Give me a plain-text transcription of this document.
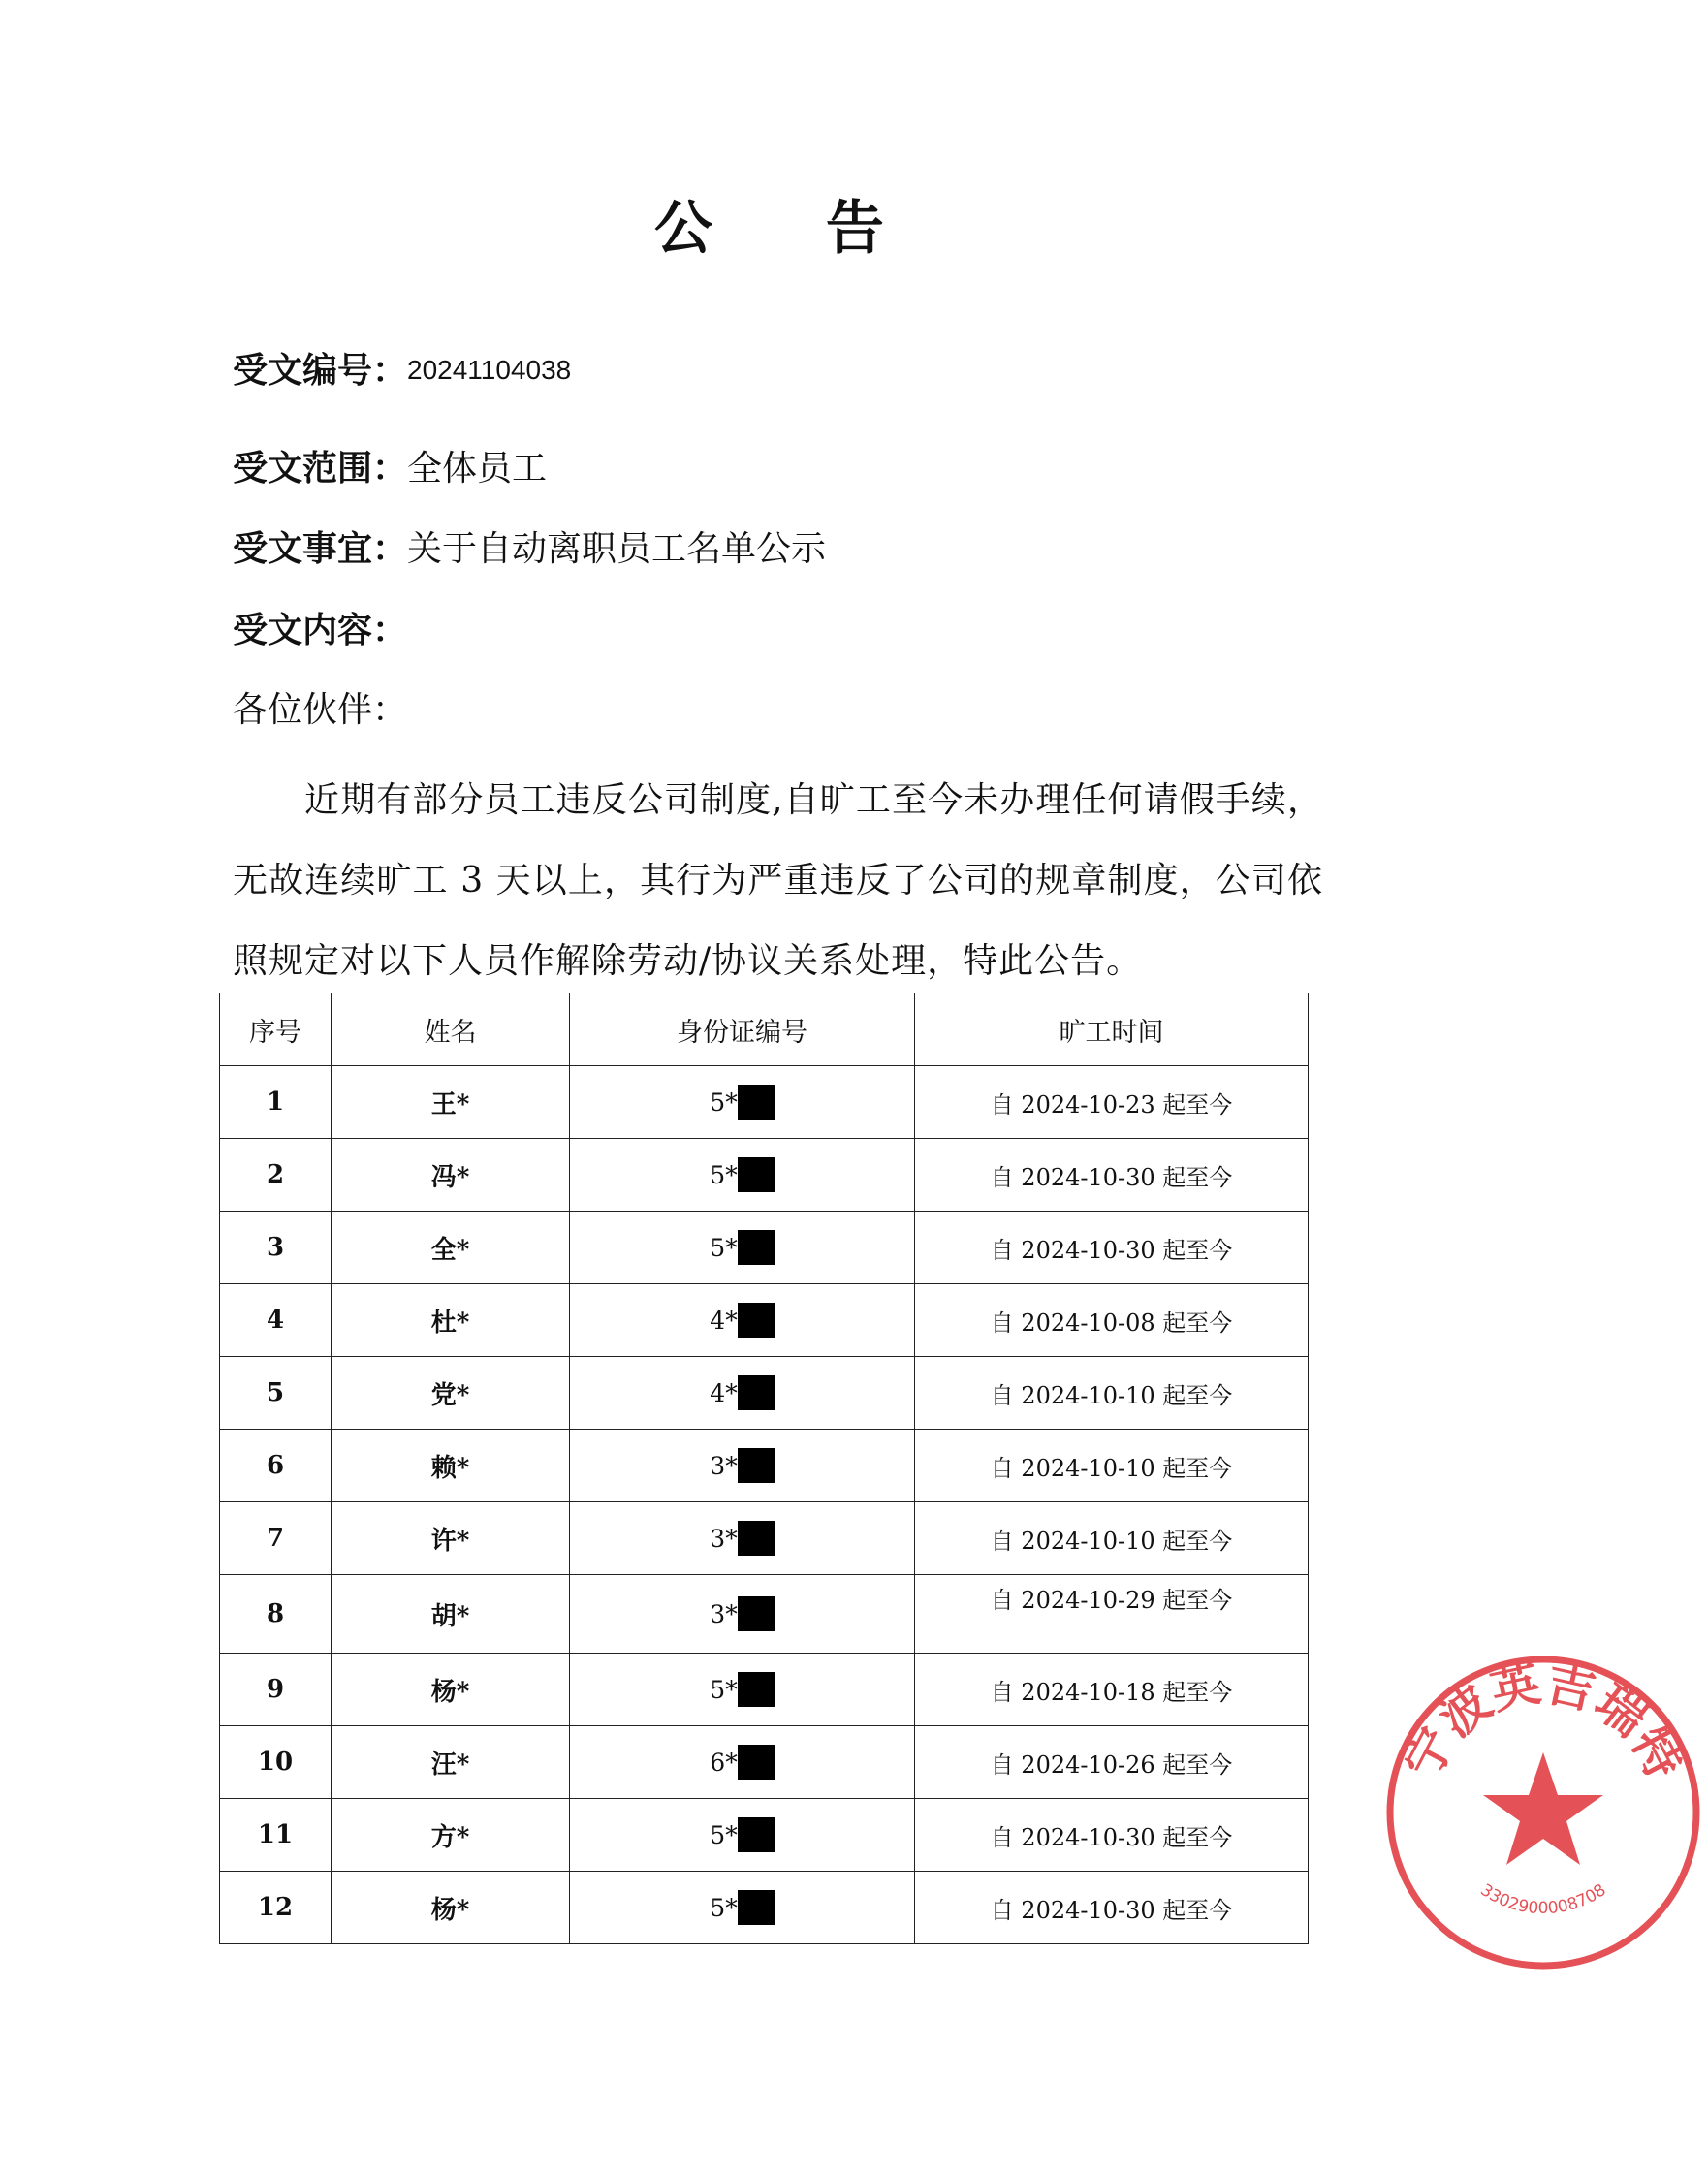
公 告
受文编号：20241104038
受文范围：全体员工
受文事宜：关于自动离职员工名单公示
受文内容：
各位伙伴：
近期有部分员工违反公司制度,自旷工至今未办理任何请假手续，无故连续旷工 3 天以上，其行为严重违反了公司的规章制度，公司依照规定对以下人员作解除劳动/协议关系处理，特此公告。
序号	姓名	身份证编号	旷工时间
1	王*	5*	自 2024-10-23 起至今
2	冯*	5*	自 2024-10-30 起至今
3	全*	5*	自 2024-10-30 起至今
4	杜*	4*	自 2024-10-08 起至今
5	党*	4*	自 2024-10-10 起至今
6	赖*	3*	自 2024-10-10 起至今
7	许*	3*	自 2024-10-10 起至今
8	胡*	3*	自 2024-10-29 起至今
9	杨*	5*	自 2024-10-18 起至今
10	汪*	6*	自 2024-10-26 起至今
11	方*	5*	自 2024-10-30 起至今
12	杨*	5*	自 2024-10-30 起至今
宁波英吉瑞特
3302900008708
